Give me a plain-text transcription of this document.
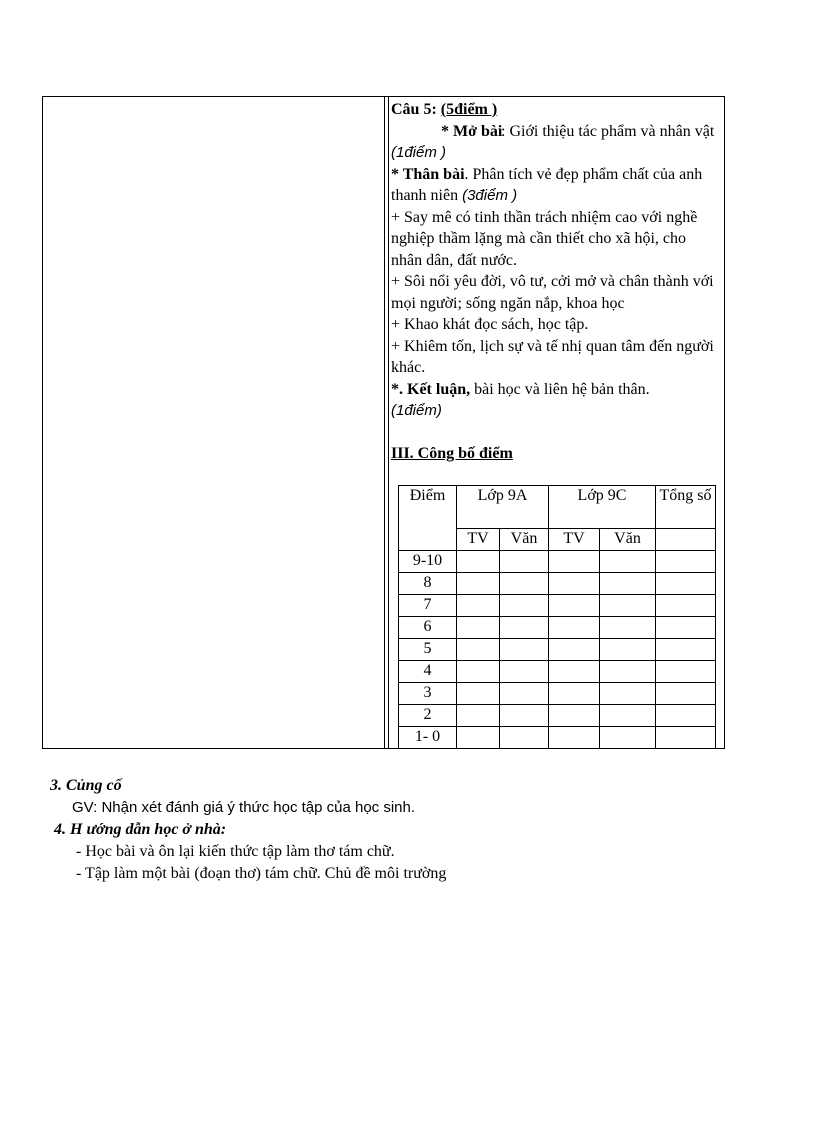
Câu 5: (5điểm )

* Mở bài

: Giới thiệu tác phẩm và nhân vật

(1điểm )

* Thân bài. Phân tích vẻ đẹp phẩm chất của anh thanh niên (3điểm )

+ Say mê có tinh thần trách nhiệm cao với nghề nghiệp thầm lặng mà cần thiết cho xã hội, cho nhân dân, đất nước.

+ Sôi nổi yêu đời, vô tư, cởi mở và chân thành với mọi người; sống ngăn nắp, khoa học

+ Khao khát đọc sách, học tập.

+ Khiêm tốn, lịch sự và tế nhị quan tâm đến người khác.

*. Kết luận, bài học và liên hệ bản thân.

(1điểm)

III. Công bố điểm

Điểm	Lớp 9A		Lớp 9C		Tổng số
	TV	Văn	TV	Văn	
9-10					
8					
7					
6					
5					
4					
3					
2					
1- 0					

3. Củng cố

GV: Nhận xét đánh giá ý thức học tập của học sinh.

4. H ướng dẫn học ở nhà:

- Học bài và ôn lại kiến thức tập làm thơ tám chữ.

- Tập làm một bài (đoạn thơ) tám chữ. Chủ đề môi trường
